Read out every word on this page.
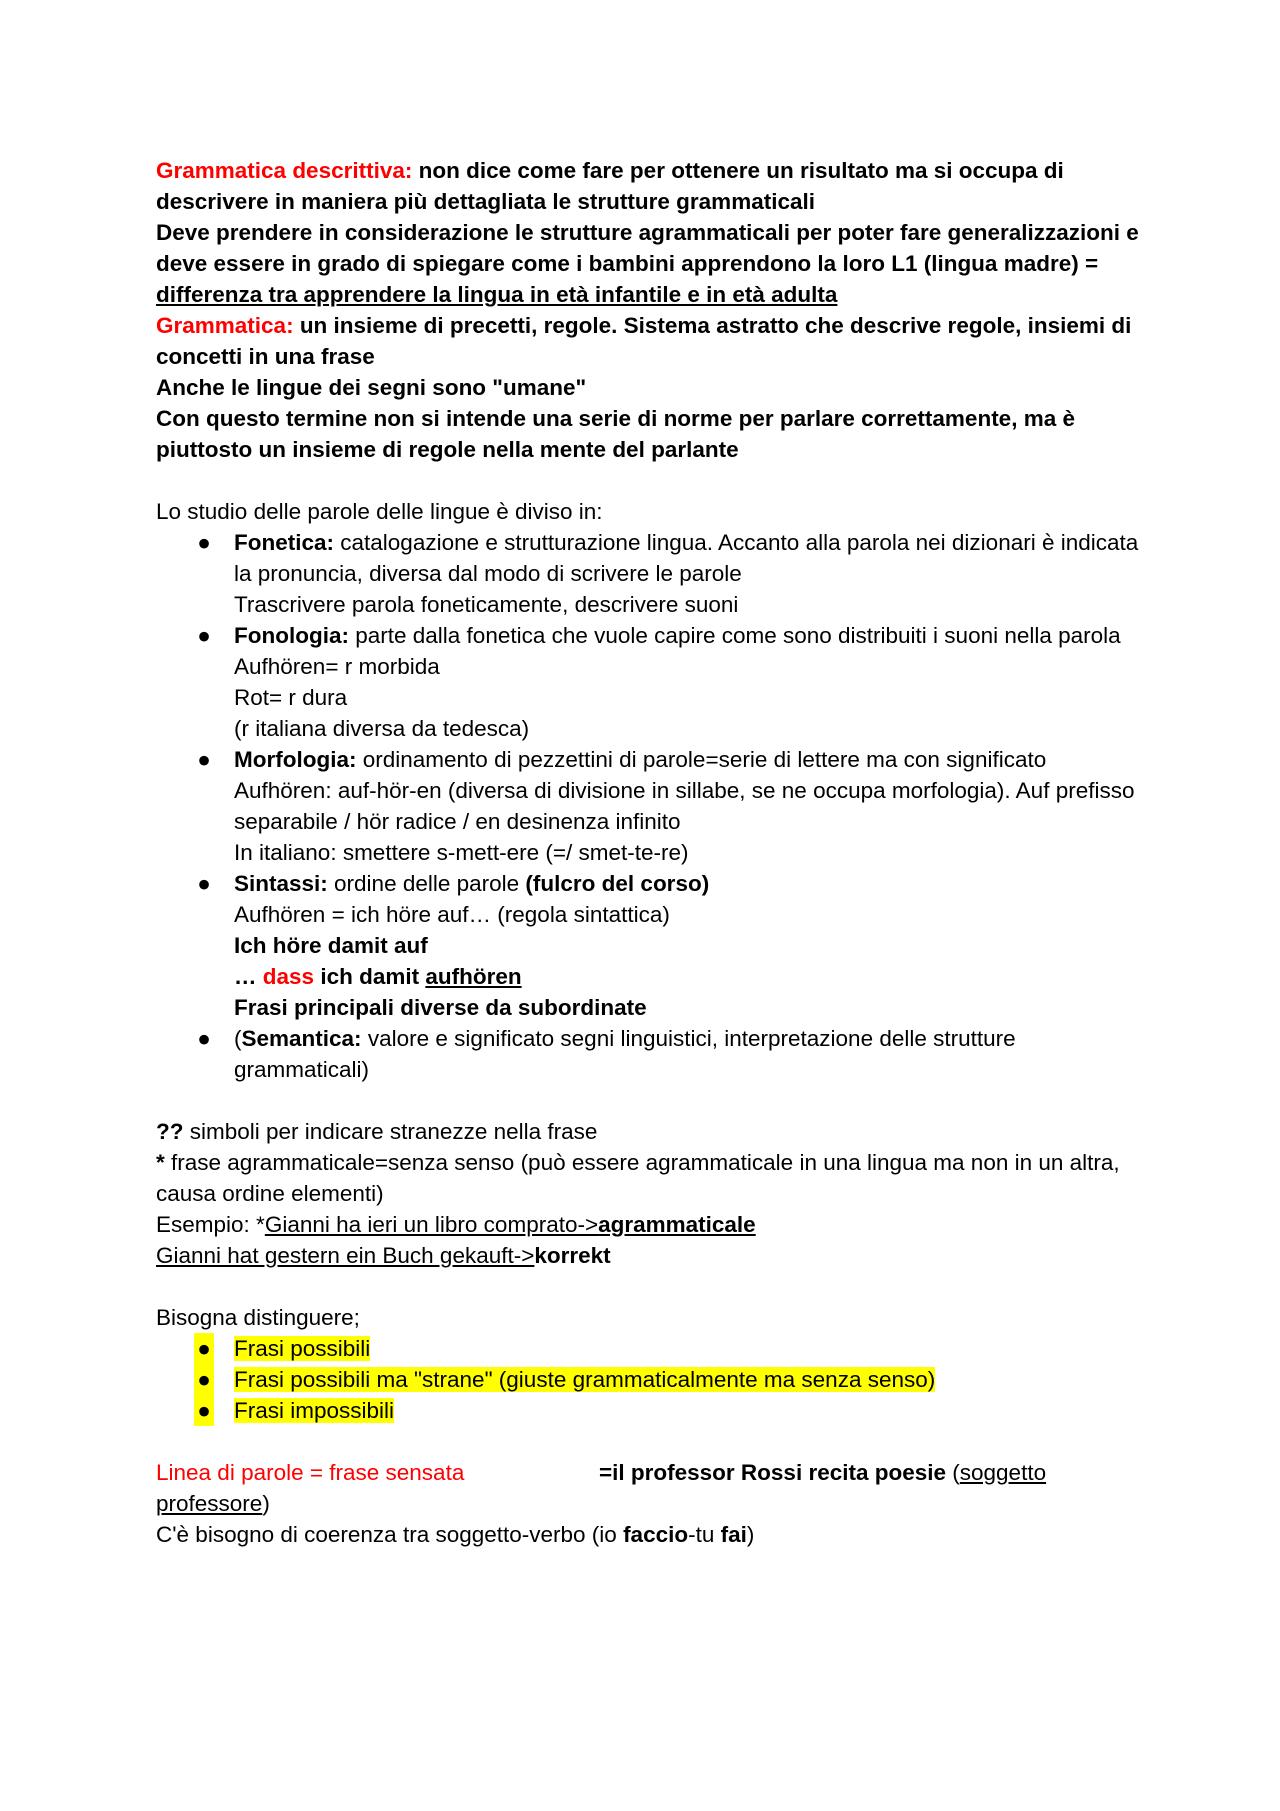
Grammatica descrittiva: non dice come fare per ottenere un risultato ma si occupa di descrivere in maniera più dettagliata le strutture grammaticali

Deve prendere in considerazione le strutture agrammaticali per poter fare generalizzazioni e deve essere in grado di spiegare come i bambini apprendono la loro L1 (lingua madre) = differenza tra apprendere la lingua in età infantile e in età adulta

Grammatica: un insieme di precetti, regole. Sistema astratto che descrive regole, insiemi di concetti in una frase

Anche le lingue dei segni sono "umane"

Con questo termine non si intende una serie di norme per parlare correttamente, ma è piuttosto un insieme di regole nella mente del parlante

Lo studio delle parole delle lingue è diviso in:

● Fonetica: catalogazione e strutturazione lingua. Accanto alla parola nei dizionari è indicata la pronuncia, diversa dal modo di scrivere le parole
Trascrivere parola foneticamente, descrivere suoni
● Fonologia: parte dalla fonetica che vuole capire come sono distribuiti i suoni nella parola
Aufhören= r morbida
Rot= r dura
(r italiana diversa da tedesca)
● Morfologia: ordinamento di pezzettini di parole=serie di lettere ma con significato
Aufhören: auf-hör-en (diversa di divisione in sillabe, se ne occupa morfologia). Auf prefisso separabile / hör radice / en desinenza infinito
In italiano: smettere s-mett-ere (=/ smet-te-re)
● Sintassi: ordine delle parole (fulcro del corso)
Aufhören = ich höre auf… (regola sintattica)
Ich höre damit auf
… dass ich damit aufhören
Frasi principali diverse da subordinate
● (Semantica: valore e significato segni linguistici, interpretazione delle strutture grammaticali)

?? simboli per indicare stranezze nella frase

* frase agrammaticale=senza senso (può essere agrammaticale in una lingua ma non in un altra, causa ordine elementi)

Esempio: *Gianni ha ieri un libro comprato->agrammaticale

Gianni hat gestern ein Buch gekauft->korrekt

Bisogna distinguere;

● Frasi possibili
● Frasi possibili ma "strane" (giuste grammaticalmente ma senza senso)
● Frasi impossibili

Linea di parole = frase sensata	=il professor Rossi recita poesie (soggetto professore)

C'è bisogno di coerenza tra soggetto-verbo (io faccio-tu fai)
